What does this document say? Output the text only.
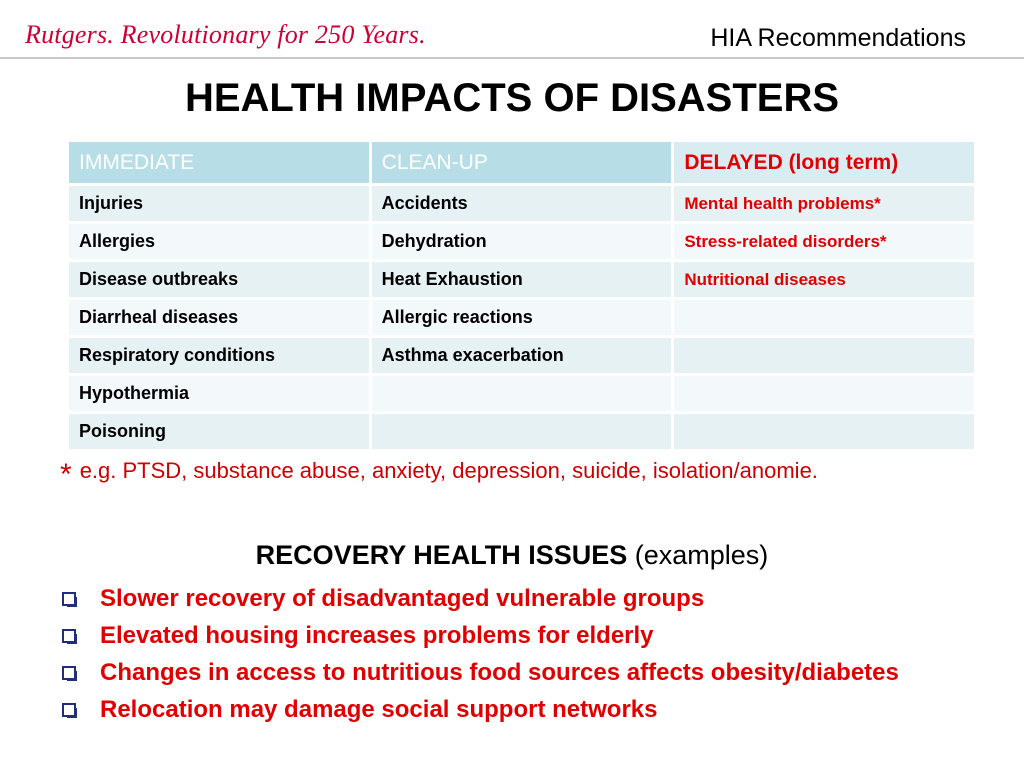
Rutgers. Revolutionary for 250 Years.	HIA Recommendations
HEALTH IMPACTS OF DISASTERS
IMMEDIATE	CLEAN-UP	DELAYED (long term)
Injuries	Accidents	Mental health problems*
Allergies	Dehydration	Stress-related disorders*
Disease outbreaks	Heat Exhaustion	Nutritional diseases
Diarrheal diseases	Allergic reactions	
Respiratory conditions	Asthma exacerbation	
Hypothermia		
Poisoning		
* e.g. PTSD, substance abuse, anxiety, depression, suicide, isolation/anomie.
RECOVERY HEALTH ISSUES (examples)
Slower recovery of disadvantaged vulnerable groups
Elevated housing increases problems for elderly
Changes in access to nutritious food sources affects obesity/diabetes
Relocation may damage social support networks
